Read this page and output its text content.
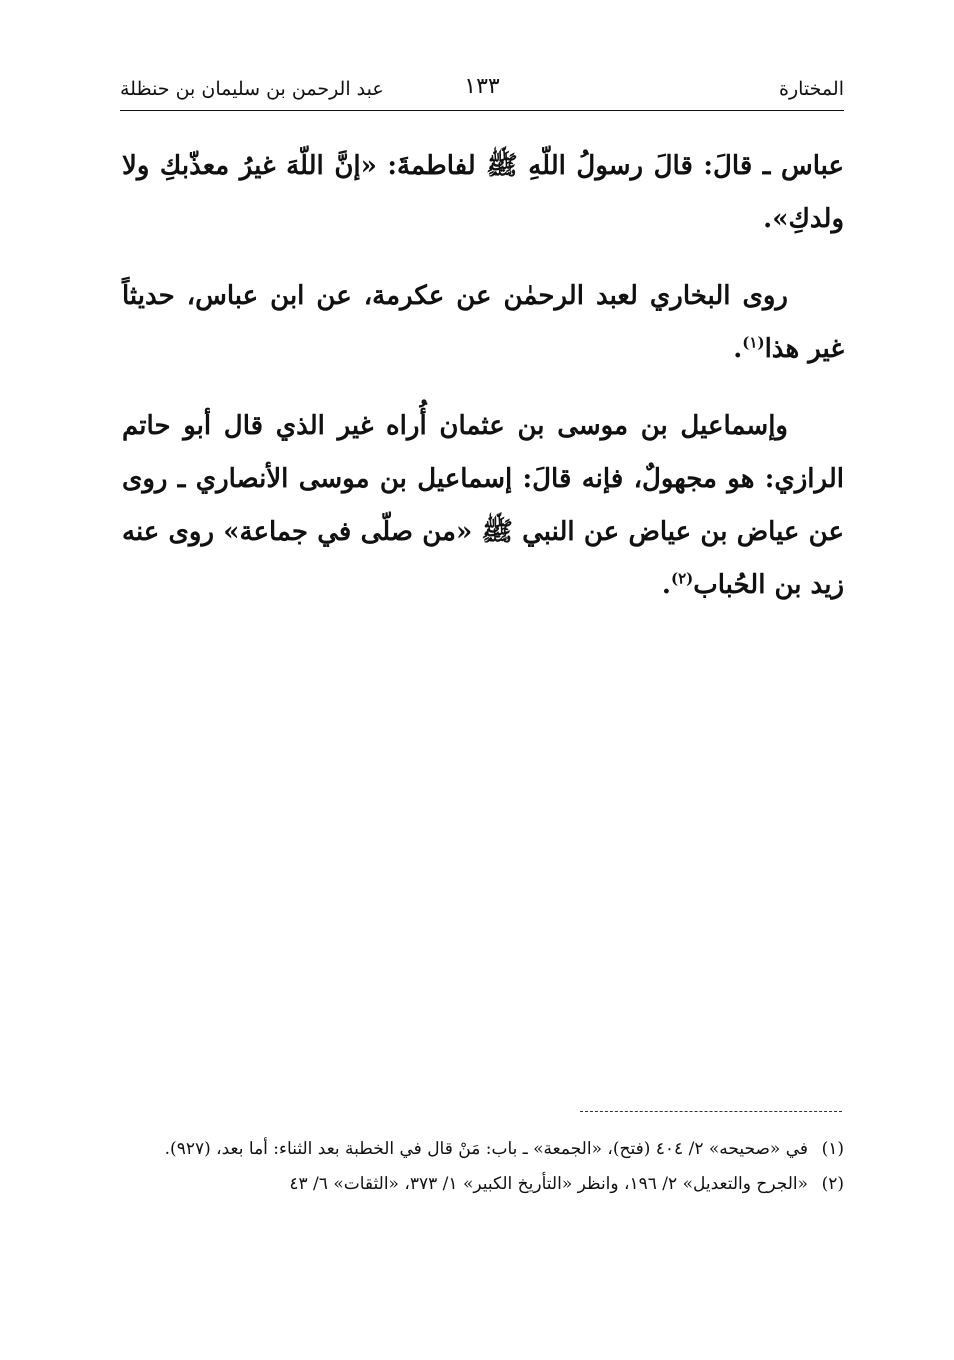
المختارة
١٣٣
عبد الرحمن بن سليمان بن حنظلة

عباس ـ قالَ: قالَ رسولُ اللّهِ ﷺ لفاطمةَ: «إنَّ اللّهَ غيرُ معذّبكِ ولا ولدكِ».

روى البخاري لعبد الرحمٰن عن عكرمة، عن ابن عباس، حديثاً غير هذا$^{(١)}$.

وإسماعيل بن موسى بن عثمان أُراه غير الذي قال أبو حاتم الرازي: هو مجهولٌ، فإنه قالَ: إسماعيل بن موسى الأنصاري ـ روى عن عياض بن عياض عن النبي ﷺ «من صلّى في جماعة» روى عنه زيد بن الحُباب$^{(٢)}$.

(١)
في «صحيحه» ٢/ ٤٠٤ (فتح)، «الجمعة» ـ باب: مَنْ قال في الخطبة بعد الثناء: أما بعد، (٩٢٧).
(٢)
«الجرح والتعديل» ٢/ ١٩٦، وانظر «التأريخ الكبير» ١/ ٣٧٣، «الثقات» ٦/ ٤٣
